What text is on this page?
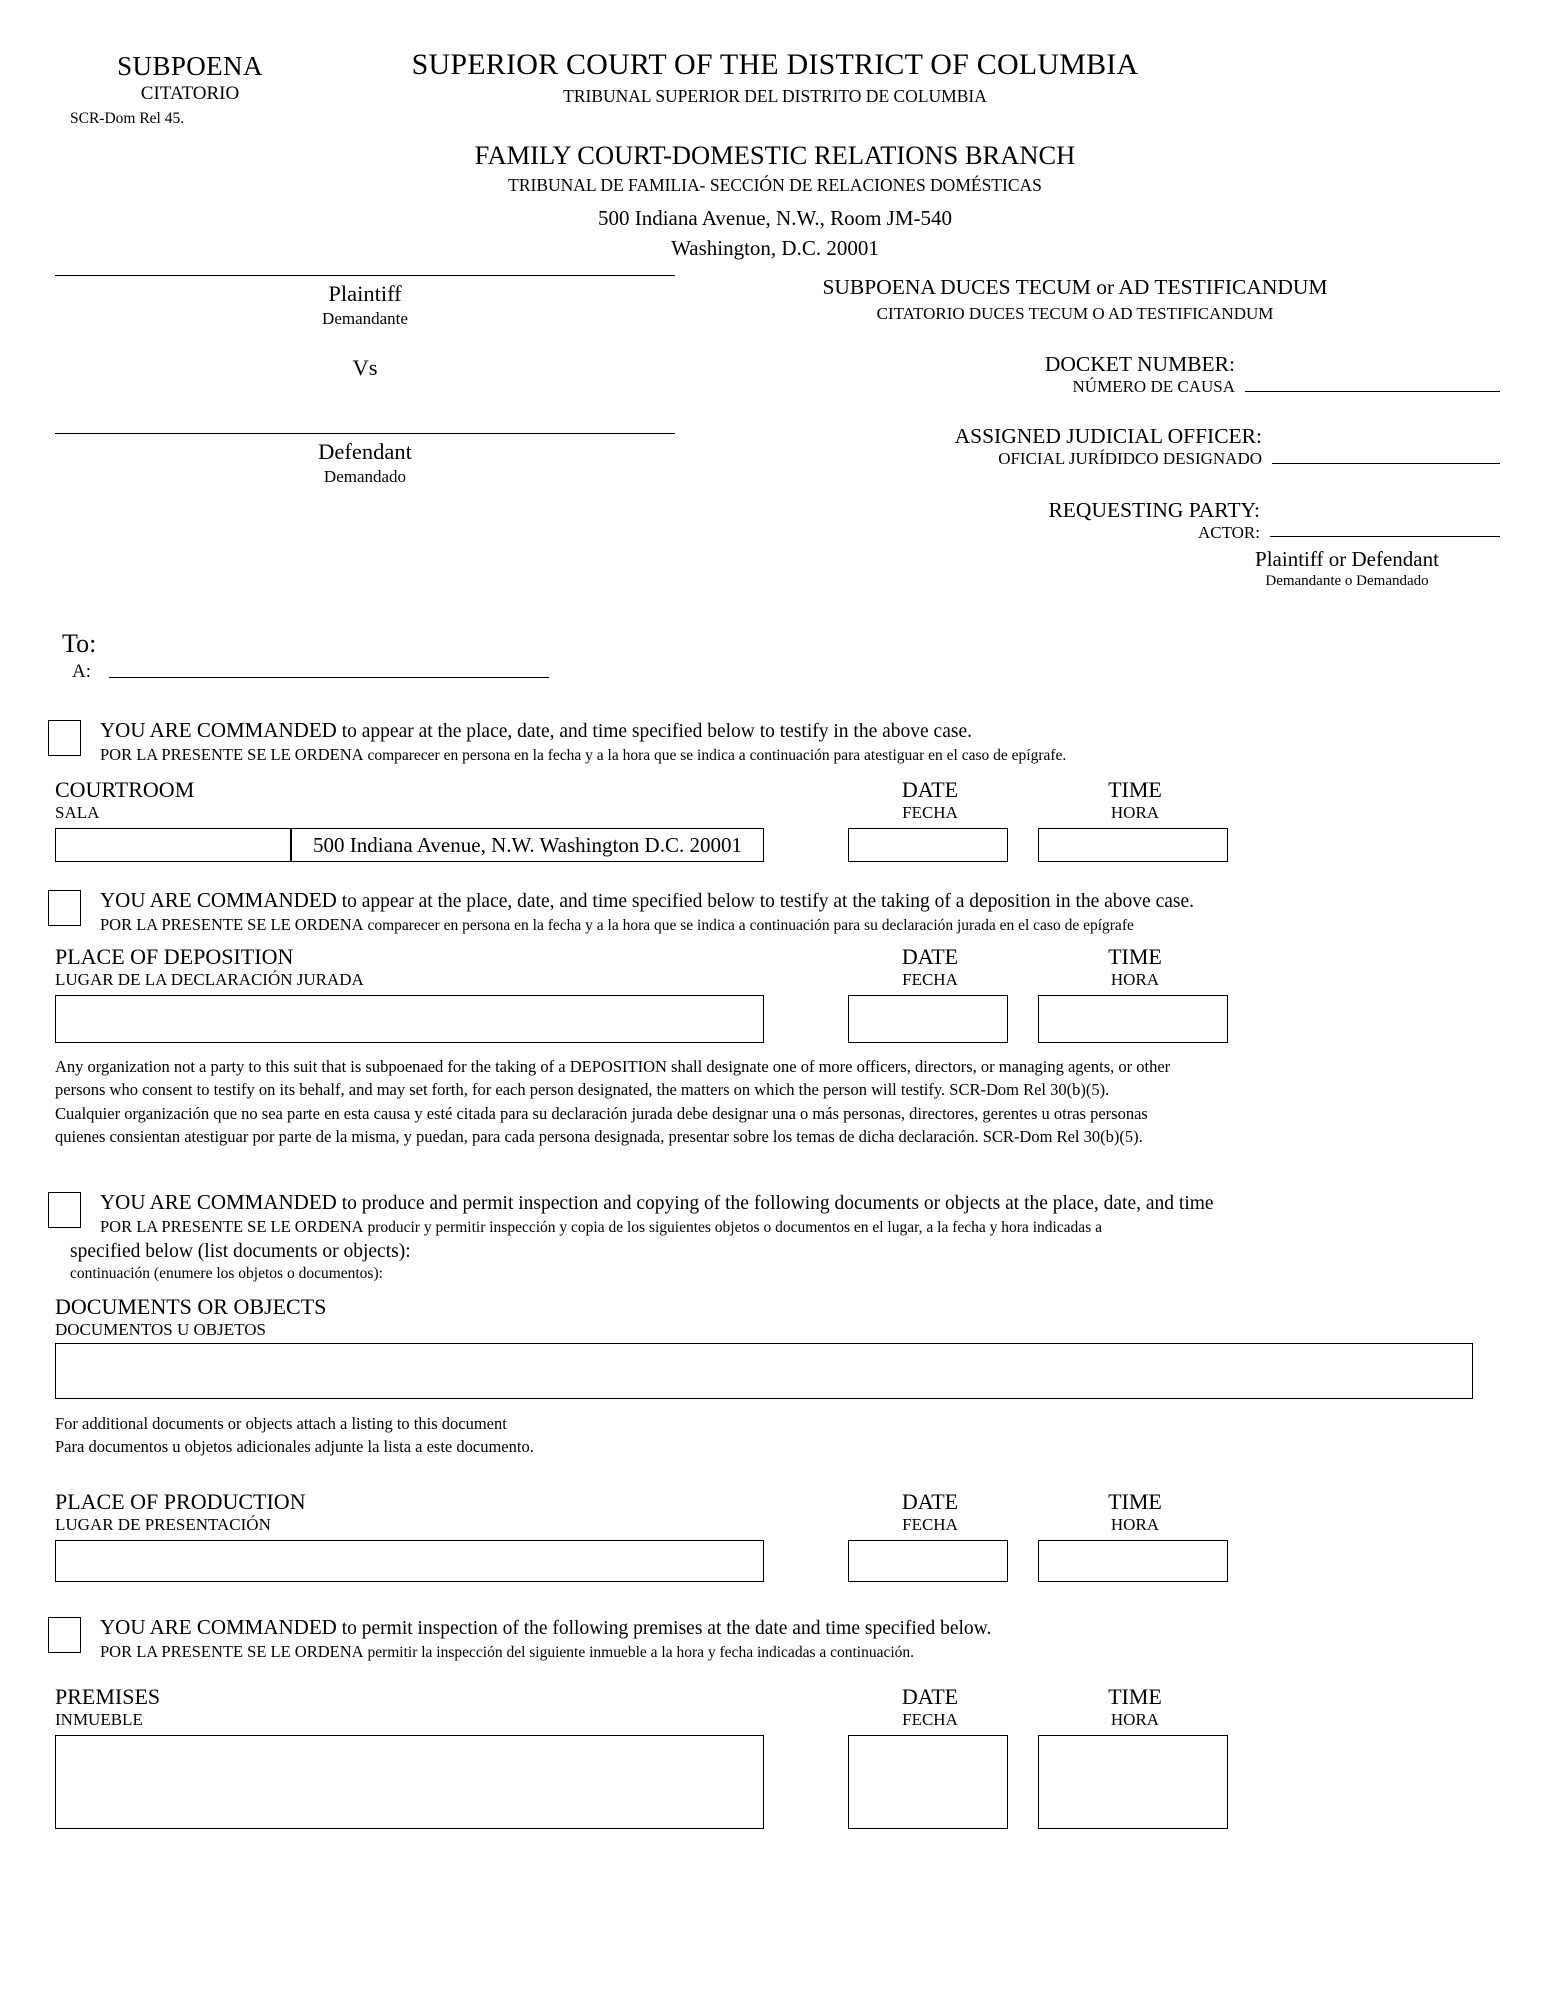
SUBPOENA
CITATORIO
SCR-Dom Rel 45.
SUPERIOR COURT OF THE DISTRICT OF COLUMBIA
TRIBUNAL SUPERIOR DEL DISTRITO DE COLUMBIA
FAMILY COURT-DOMESTIC RELATIONS BRANCH
TRIBUNAL DE FAMILIA- SECCIÓN DE RELACIONES DOMÉSTICAS
500 Indiana Avenue, N.W., Room JM-540
Washington, D.C. 20001
Plaintiff
Demandante
Vs
Defendant
Demandado
SUBPOENA DUCES TECUM or AD TESTIFICANDUM
CITATORIO DUCES TECUM O AD TESTIFICANDUM
DOCKET NUMBER:
NÚMERO DE CAUSA
ASSIGNED JUDICIAL OFFICER:
OFICIAL JURÍDIDCO DESIGNADO
REQUESTING PARTY:
ACTOR:
Plaintiff or Defendant
Demandante o Demandado
To:
A:
YOU ARE COMMANDED to appear at the place, date, and time specified below to testify in the above case.
POR LA PRESENTE SE LE ORDENA comparecer en persona en la fecha y a la hora que se indica a continuación para atestiguar en el caso de epígrafe.
COURTROOM
SALA
DATE
FECHA
TIME
HORA
500 Indiana Avenue, N.W. Washington D.C. 20001
YOU ARE COMMANDED to appear at the place, date, and time specified below to testify at the taking of a deposition in the above case.
POR LA PRESENTE SE LE ORDENA comparecer en persona en la fecha y a la hora que se indica a continuación para su declaración jurada en el caso de epígrafe
PLACE OF DEPOSITION
LUGAR DE LA DECLARACIÓN JURADA
DATE
FECHA
TIME
HORA
Any organization not a party to this suit that is subpoenaed for the taking of a DEPOSITION shall designate one of more officers, directors, or managing agents, or other
persons who consent to testify on its behalf, and may set forth, for each person designated, the matters on which the person will testify. SCR-Dom Rel 30(b)(5).
Cualquier organización que no sea parte en esta causa y esté citada para su declaración jurada debe designar una o más personas, directores, gerentes u otras personas
quienes consientan atestiguar por parte de la misma, y puedan, para cada persona designada, presentar sobre los temas de dicha declaración. SCR-Dom Rel 30(b)(5).
YOU ARE COMMANDED to produce and permit inspection and copying of the following documents or objects at the place, date, and time
POR LA PRESENTE SE LE ORDENA producir y permitir inspección y copia de los siguientes objetos o documentos en el lugar, a la fecha y hora indicadas a
specified below (list documents or objects):
continuación (enumere los objetos o documentos):
DOCUMENTS OR OBJECTS
DOCUMENTOS U OBJETOS
For additional documents or objects attach a listing to this document
Para documentos u objetos adicionales adjunte la lista a este documento.
PLACE OF PRODUCTION
LUGAR DE PRESENTACIÓN
DATE
FECHA
TIME
HORA
YOU ARE COMMANDED to permit inspection of the following premises at the date and time specified below.
POR LA PRESENTE SE LE ORDENA permitir la inspección del siguiente inmueble a la hora y fecha indicadas a continuación.
PREMISES
INMUEBLE
DATE
FECHA
TIME
HORA
